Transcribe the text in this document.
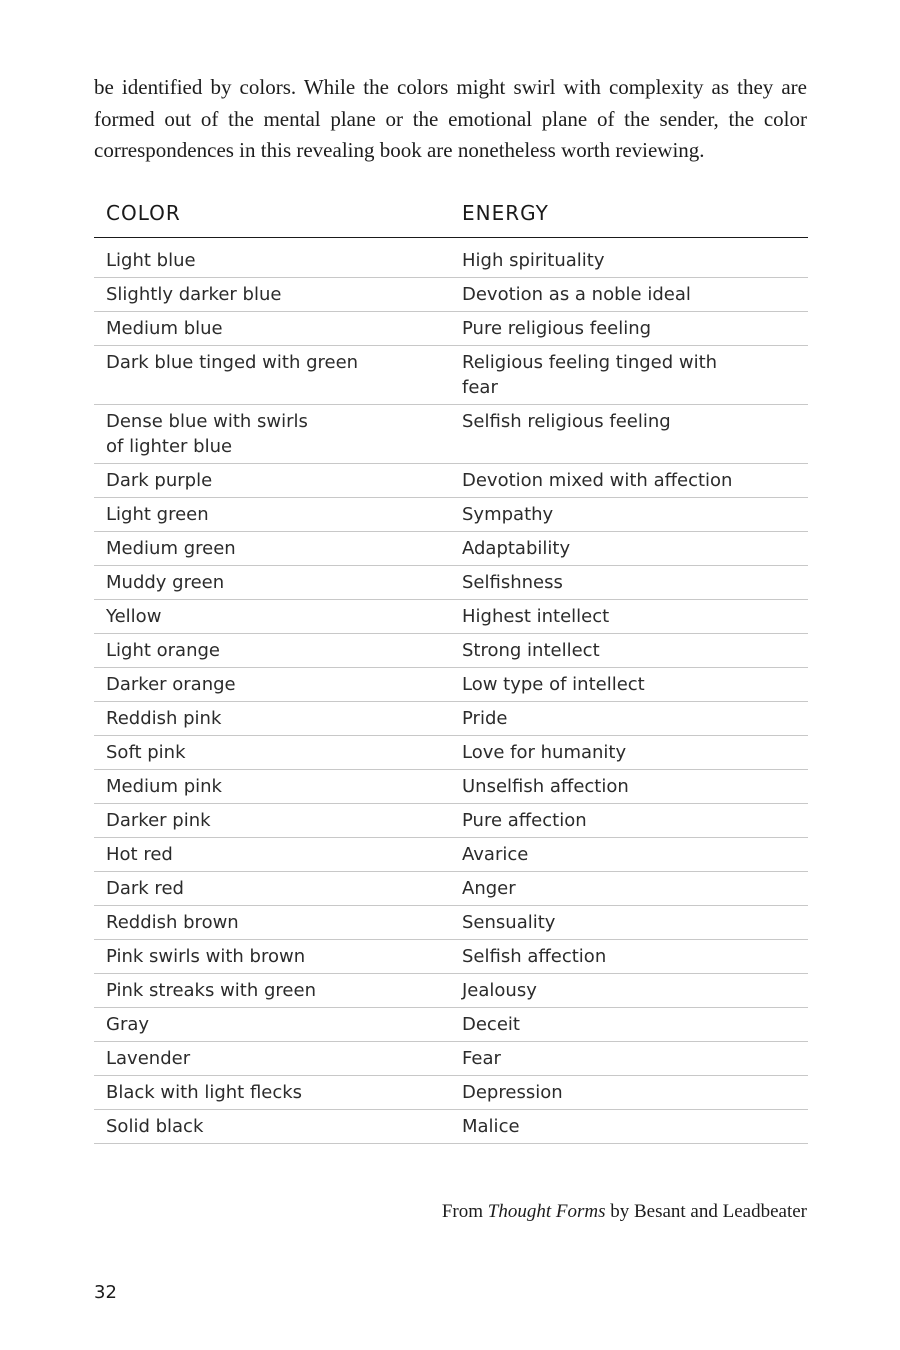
be identified by colors. While the colors might swirl with complexity as they are formed out of the mental plane or the emotional plane of the sender, the color correspondences in this revealing book are nonetheless worth reviewing.

COLOR	ENERGY

Light blue	High spirituality

Slightly darker blue	Devotion as a noble ideal

Medium blue	Pure religious feeling

Dark blue tinged with green	Religious feeling tinged with
fear

Dense blue with swirls
of lighter blue	Selfish religious feeling

Dark purple	Devotion mixed with affection

Light green	Sympathy

Medium green	Adaptability

Muddy green	Selfishness

Yellow	Highest intellect

Light orange	Strong intellect

Darker orange	Low type of intellect

Reddish pink	Pride

Soft pink	Love for humanity

Medium pink	Unselfish affection

Darker pink	Pure affection

Hot red	Avarice

Dark red	Anger

Reddish brown	Sensuality

Pink swirls with brown	Selfish affection

Pink streaks with green	Jealousy

Gray	Deceit

Lavender	Fear

Black with light flecks	Depression

Solid black	Malice
From Thought Forms by Besant and Leadbeater
32
